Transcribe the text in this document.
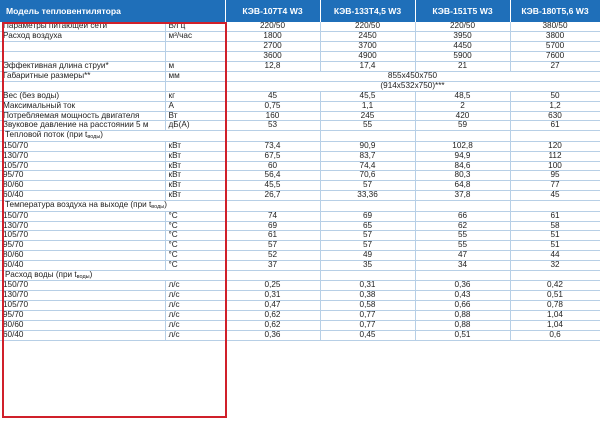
Модель тепловентилятора		КЭВ-107Т4 W3	КЭВ-133Т4,5 W3	КЭВ-151Т5 W3	КЭВ-180Т5,6 W3
Параметры питающей сети	В/Гц	220/50	220/50	220/50	380/50
Расход воздуха	м³/час	1800	2450	3950	3800
		2700	3700	4450	5700
		3600	4900	5900	7600
Эффективная длина струи*	м	12,8	17,4	21	27
Габаритные размеры**	мм	855x450x750			
		(914x532x750)***			
Вес (без воды)	кг	45	45,5	48,5	50
Максимальный ток	А	0,75	1,1	2	1,2
Потребляемая мощность двигателя	Вт	160	245	420	630
Звуковое давление на расстоянии 5 м	дБ(А)	53	55	59	61
Тепловой поток (при $t_{воды}$)					
150/70	кВт	73,4	90,9	102,8	120
130/70	кВт	67,5	83,7	94,9	112
105/70	кВт	60	74,4	84,6	100
95/70	кВт	56,4	70,6	80,3	95
80/60	кВт	45,5	57	64,8	77
60/40	кВт	26,7	33,36	37,8	45
Температура воздуха на выходе (при $t_{воды}$)					
150/70	°С	74	69	66	61
130/70	°С	69	65	62	58
105/70	°С	61	57	55	51
95/70	°С	57	57	55	51
80/60	°С	52	49	47	44
60/40	°С	37	35	34	32
Расход воды (при $t_{воды}$)					
150/70	л/с	0,25	0,31	0,36	0,42
130/70	л/с	0,31	0,38	0,43	0,51
105/70	л/с	0,47	0,58	0,66	0,78
95/70	л/с	0,62	0,77	0,88	1,04
80/60	л/с	0,62	0,77	0,88	1,04
60/40	л/с	0,36	0,45	0,51	0,6
